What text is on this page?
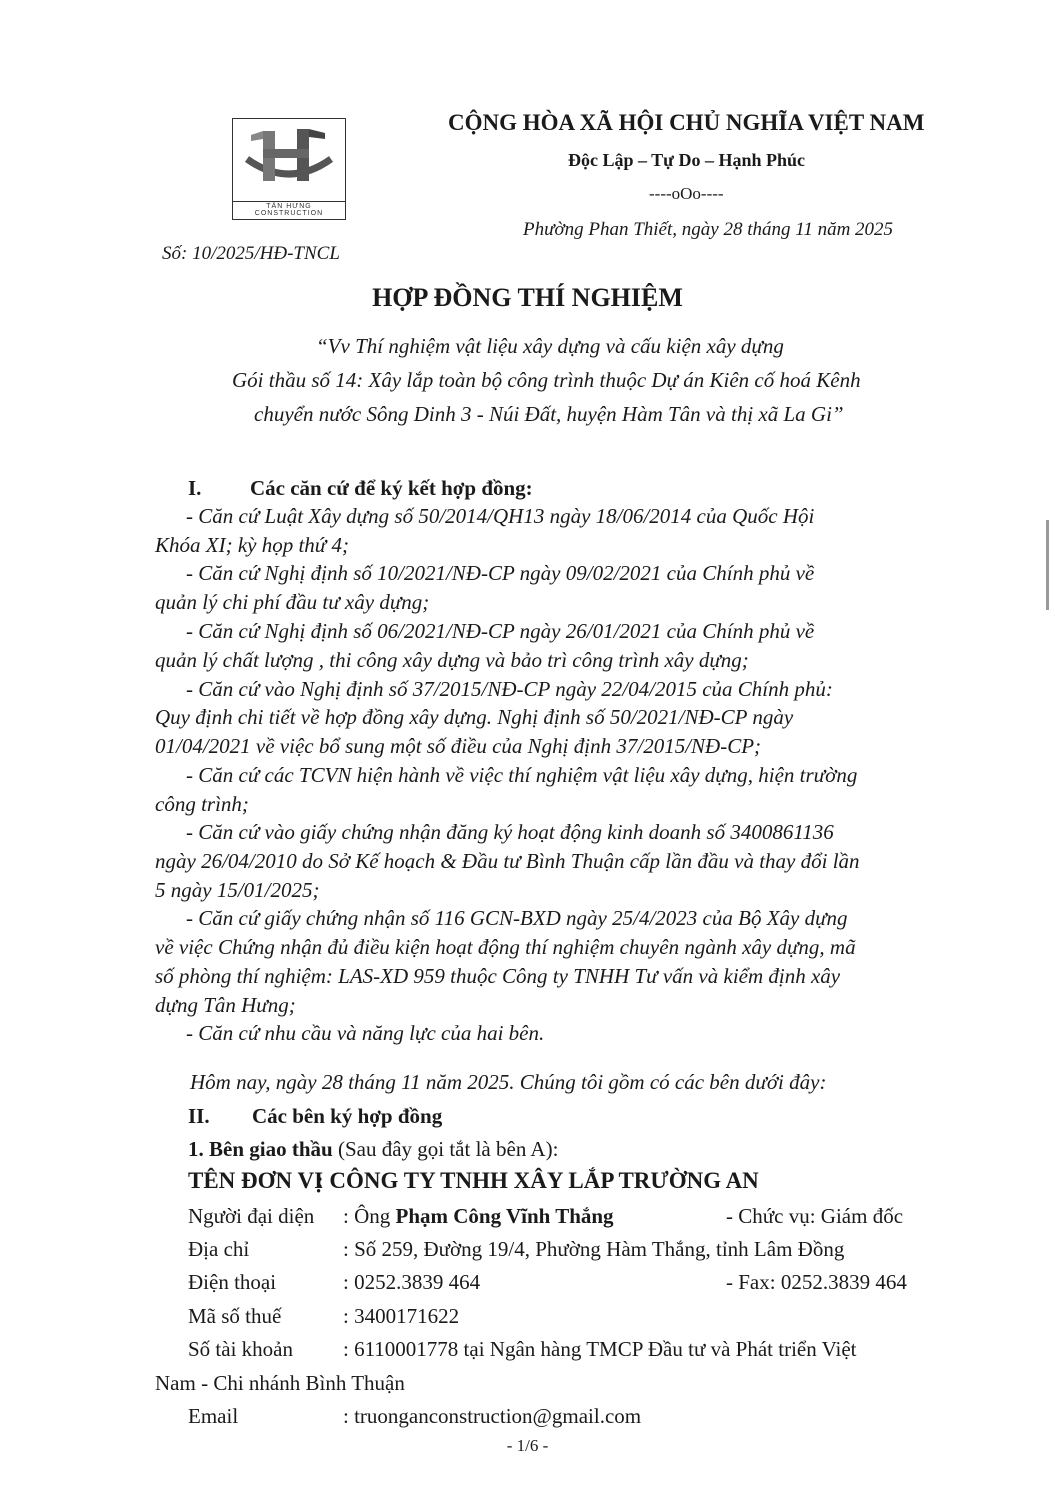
TÂN HƯNG CONSTRUCTION
CỘNG HÒA XÃ HỘI CHỦ NGHĨA VIỆT NAM
Độc Lập – Tự Do – Hạnh Phúc
----oOo----
Phường Phan Thiết, ngày 28 tháng 11 năm 2025
Số: 10/2025/HĐ-TNCL
HỢP ĐỒNG THÍ NGHIỆM
“Vv Thí nghiệm vật liệu xây dựng và cấu kiện xây dựng
Gói thầu số 14: Xây lắp toàn bộ công trình thuộc Dự án Kiên cố hoá Kênh
chuyển nước Sông Dinh 3 - Núi Đất, huyện Hàm Tân và thị xã La Gi”
I. Các căn cứ để ký kết hợp đồng:
- Căn cứ Luật Xây dựng số 50/2014/QH13 ngày 18/06/2014 của Quốc Hội
Khóa XI; kỳ họp thứ 4;
- Căn cứ Nghị định số 10/2021/NĐ-CP ngày 09/02/2021 của Chính phủ về
quản lý chi phí đầu tư xây dựng;
- Căn cứ Nghị định số 06/2021/NĐ-CP ngày 26/01/2021 của Chính phủ về
quản lý chất lượng , thi công xây dựng và bảo trì công trình xây dựng;
- Căn cứ vào Nghị định số 37/2015/NĐ-CP ngày 22/04/2015 của Chính phủ:
Quy định chi tiết về hợp đồng xây dựng. Nghị định số 50/2021/NĐ-CP ngày
01/04/2021 về việc bổ sung một số điều của Nghị định 37/2015/NĐ-CP;
- Căn cứ các TCVN hiện hành về việc thí nghiệm vật liệu xây dựng, hiện trường
công trình;
- Căn cứ vào giấy chứng nhận đăng ký hoạt động kinh doanh số 3400861136
ngày 26/04/2010 do Sở Kế hoạch & Đầu tư Bình Thuận cấp lần đầu và thay đổi lần
5 ngày 15/01/2025;
- Căn cứ giấy chứng nhận số 116 GCN-BXD ngày 25/4/2023 của Bộ Xây dựng
về việc Chứng nhận đủ điều kiện hoạt động thí nghiệm chuyên ngành xây dựng, mã
số phòng thí nghiệm: LAS-XD 959 thuộc Công ty TNHH Tư vấn và kiểm định xây
dựng Tân Hưng;
- Căn cứ nhu cầu và năng lực của hai bên.
Hôm nay, ngày 28 tháng 11 năm 2025. Chúng tôi gồm có các bên dưới đây:
II. Các bên ký hợp đồng
1. Bên giao thầu (Sau đây gọi tắt là bên A):
TÊN ĐƠN VỊ
: CÔNG TY TNHH XÂY LẮP TRƯỜNG AN
Người đại diện : Ông Phạm Công Vĩnh Thắng	- Chức vụ: Giám đốc
Địa chỉ	: Số 259, Đường 19/4, Phường Hàm Thắng, tỉnh Lâm Đồng
Điện thoại	: 0252.3839 464	- Fax: 0252.3839 464
Mã số thuế	: 3400171622
Số tài khoản : 6110001778 tại Ngân hàng TMCP Đầu tư và Phát triển Việt
Nam - Chi nhánh Bình Thuận
Email	: truonganconstruction@gmail.com
- 1/6 -
